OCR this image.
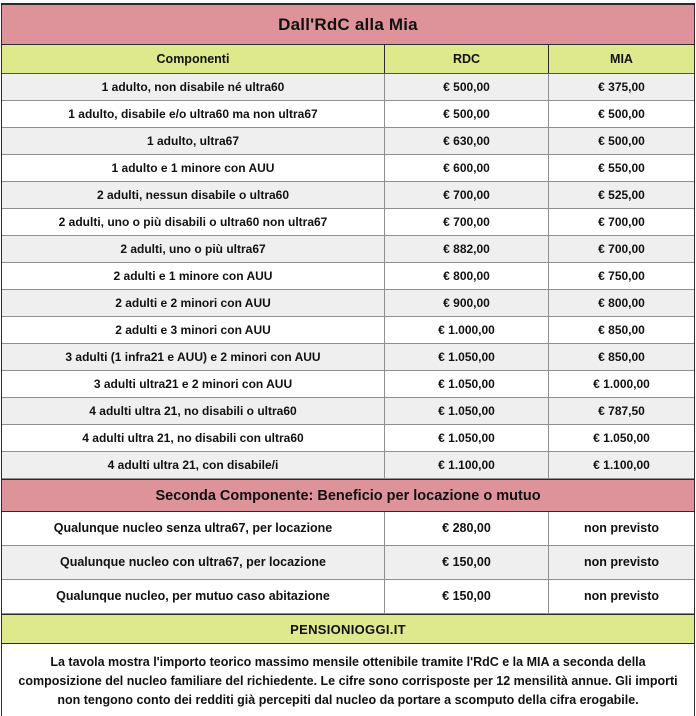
Dall'RdC alla Mia
Componenti	RDC	MIA
1 adulto, non disabile né ultra60	€ 500,00	€ 375,00
1 adulto, disabile e/o ultra60 ma non ultra67	€ 500,00	€ 500,00
1 adulto, ultra67	€ 630,00	€ 500,00
1 adulto e 1 minore con AUU	€ 600,00	€ 550,00
2 adulti, nessun disabile o ultra60	€ 700,00	€ 525,00
2 adulti, uno o più disabili o ultra60 non ultra67	€ 700,00	€ 700,00
2 adulti, uno o più ultra67	€ 882,00	€ 700,00
2 adulti e 1 minore con AUU	€ 800,00	€ 750,00
2 adulti e 2 minori con AUU	€ 900,00	€ 800,00
2 adulti e 3 minori con AUU	€ 1.000,00	€ 850,00
3 adulti (1 infra21 e AUU) e 2 minori con AUU	€ 1.050,00	€ 850,00
3 adulti ultra21 e 2 minori con AUU	€ 1.050,00	€ 1.000,00
4 adulti ultra 21, no disabili o ultra60	€ 1.050,00	€ 787,50
4 adulti ultra 21, no disabili con ultra60	€ 1.050,00	€ 1.050,00
4 adulti ultra 21, con disabile/i	€ 1.100,00	€ 1.100,00
Seconda Componente: Beneficio per locazione o mutuo
Qualunque nucleo senza ultra67, per locazione	€ 280,00	non previsto
Qualunque nucleo con ultra67, per locazione	€ 150,00	non previsto
Qualunque nucleo, per mutuo caso abitazione	€ 150,00	non previsto
PENSIONIOGGI.IT
La tavola mostra l'importo teorico massimo mensile ottenibile tramite l'RdC e la MIA a seconda della composizione del nucleo familiare del richiedente. Le cifre sono corrisposte per 12 mensilità annue. Gli importi non tengono conto dei redditi già percepiti dal nucleo da portare a scomputo della cifra erogabile.
